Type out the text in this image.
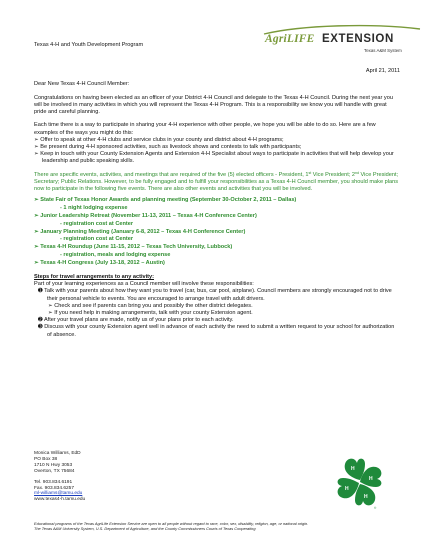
Texas 4-H and Youth Development Program	AgriLIFE EXTENSION
Texas A&M System
April 21, 2011
Dear New Texas 4-H Council Member:
Congratulations on having been elected as an officer of your District 4-H Council and delegate to the Texas 4-H Council. During the next year you will be involved in many activities in which you will represent the Texas 4-H Program. This is a responsibility we know you will handle with great pride and careful planning.
Each time there is a way to participate in sharing your 4-H experience with other people, we hope you will be able to do so. Here are a few examples of the ways you might do this:
➢ Offer to speak at other 4-H clubs and service clubs in your county and district about 4-H programs;
➢ Be present during 4-H sponsored activities, such as livestock shows and contests to talk with participants;
➢ Keep in touch with your County Extension Agents and Extension 4-H Specialist about ways to participate in activities that will help develop your leadership and public speaking skills.
There are specific events, activities, and meetings that are required of the five (5) elected officers - President, 1st Vice President; 2nd Vice President; Secretary; Public Relations. However, to be fully engaged and to fulfill your responsibilities as a Texas 4-H Council member, you should make plans now to participate in the following five events. There are also other events and activities that you will be involved.
➢ State Fair of Texas Honor Awards and planning meeting (September 30-October 2, 2011 – Dallas)
- 1 night lodging expense
➢ Junior Leadership Retreat (November 11-13, 2011 – Texas 4-H Conference Center)
- registration cost at Center
➢ January Planning Meeting (January 6-8, 2012 – Texas 4-H Conference Center)
- registration cost at Center
➢ Texas 4-H Roundup (June 11-15, 2012 – Texas Tech University, Lubbock)
- registration, meals and lodging expense
➢ Texas 4-H Congress (July 13-18, 2012 – Austin)
Steps for travel arrangements to any activity:
Part of your learning experiences as a Council member will involve these responsibilities:
➊ Talk with your parents about how they want you to travel (car, bus, car pool, airplane). Council members are strongly encouraged not to drive their personal vehicle to events. You are encouraged to arrange travel with adult drivers.
➢ Check and see if parents can bring you and possibly the other district delegates.
➢ If you need help in making arrangements, talk with your county Extension agent.
➋ After your travel plans are made, notify us of your plans prior to each activity.
➌ Discuss with your county Extension agent well in advance of each activity the need to submit a written request to your school for authorization of absence.
Monica Williams, EdD
PO Box 38
1710 N Hwy 3053
Overton, TX 75684
Tel. 903.834.6191
Fax. 903.834.6257
ml-williams@tamu.edu
www.texas4-h.tamu.edu
H
H
H
H
®
Educational programs of the Texas AgriLife Extension Service are open to all people without regard to race, color, sex, disability, religion, age, or national origin.
The Texas A&M University System, U.S. Department of Agriculture, and the County Commissioners Courts of Texas Cooperating
